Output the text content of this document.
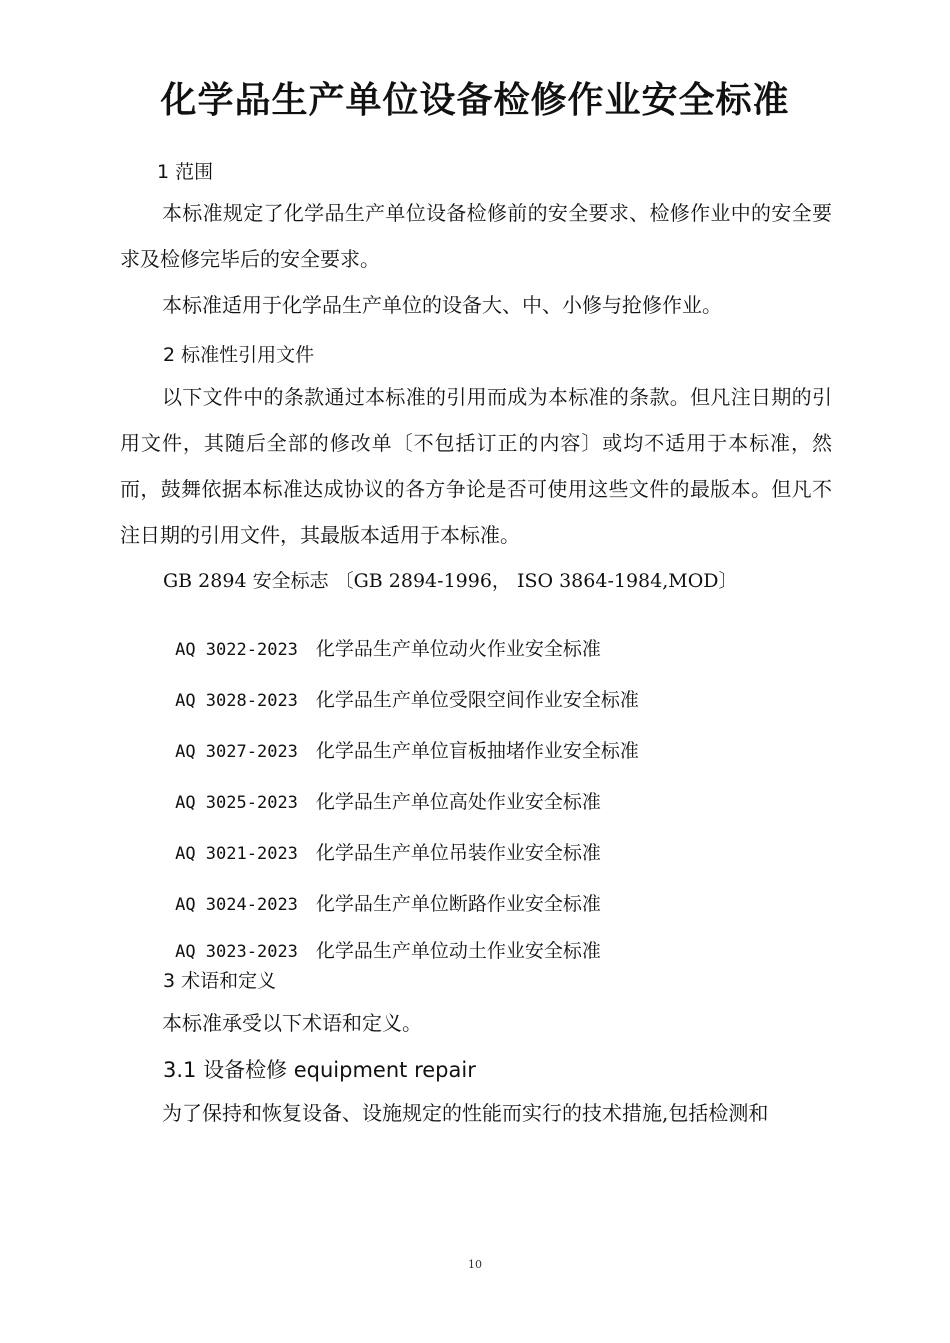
化学品生产单位设备检修作业安全标准
1 范围

本标准规定了化学品生产单位设备检修前的安全要求、检修作业中的安全要求及检修完毕后的安全要求。

本标准适用于化学品生产单位的设备大、中、小修与抢修作业。

2 标准性引用文件

以下文件中的条款通过本标准的引用而成为本标准的条款。但凡注日期的引用文件，其随后全部的修改单〔不包括订正的内容〕或均不适用于本标准，然而，鼓舞依据本标准达成协议的各方争论是否可使用这些文件的最版本。但凡不注日期的引用文件，其最版本适用于本标准。

GB 2894 安全标志 〔GB 2894-1996， ISO 3864-1984,MOD〕

AQ 3022-2023 化学品生产单位动火作业安全标准

AQ 3028-2023 化学品生产单位受限空间作业安全标准

AQ 3027-2023 化学品生产单位盲板抽堵作业安全标准

AQ 3025-2023 化学品生产单位高处作业安全标准

AQ 3021-2023 化学品生产单位吊装作业安全标准

AQ 3024-2023 化学品生产单位断路作业安全标准

AQ 3023-2023 化学品生产单位动土作业安全标准

3 术语和定义

本标准承受以下术语和定义。

3.1 设备检修 equipment repair

为了保持和恢复设备、设施规定的性能而实行的技术措施,包括检测和

10
